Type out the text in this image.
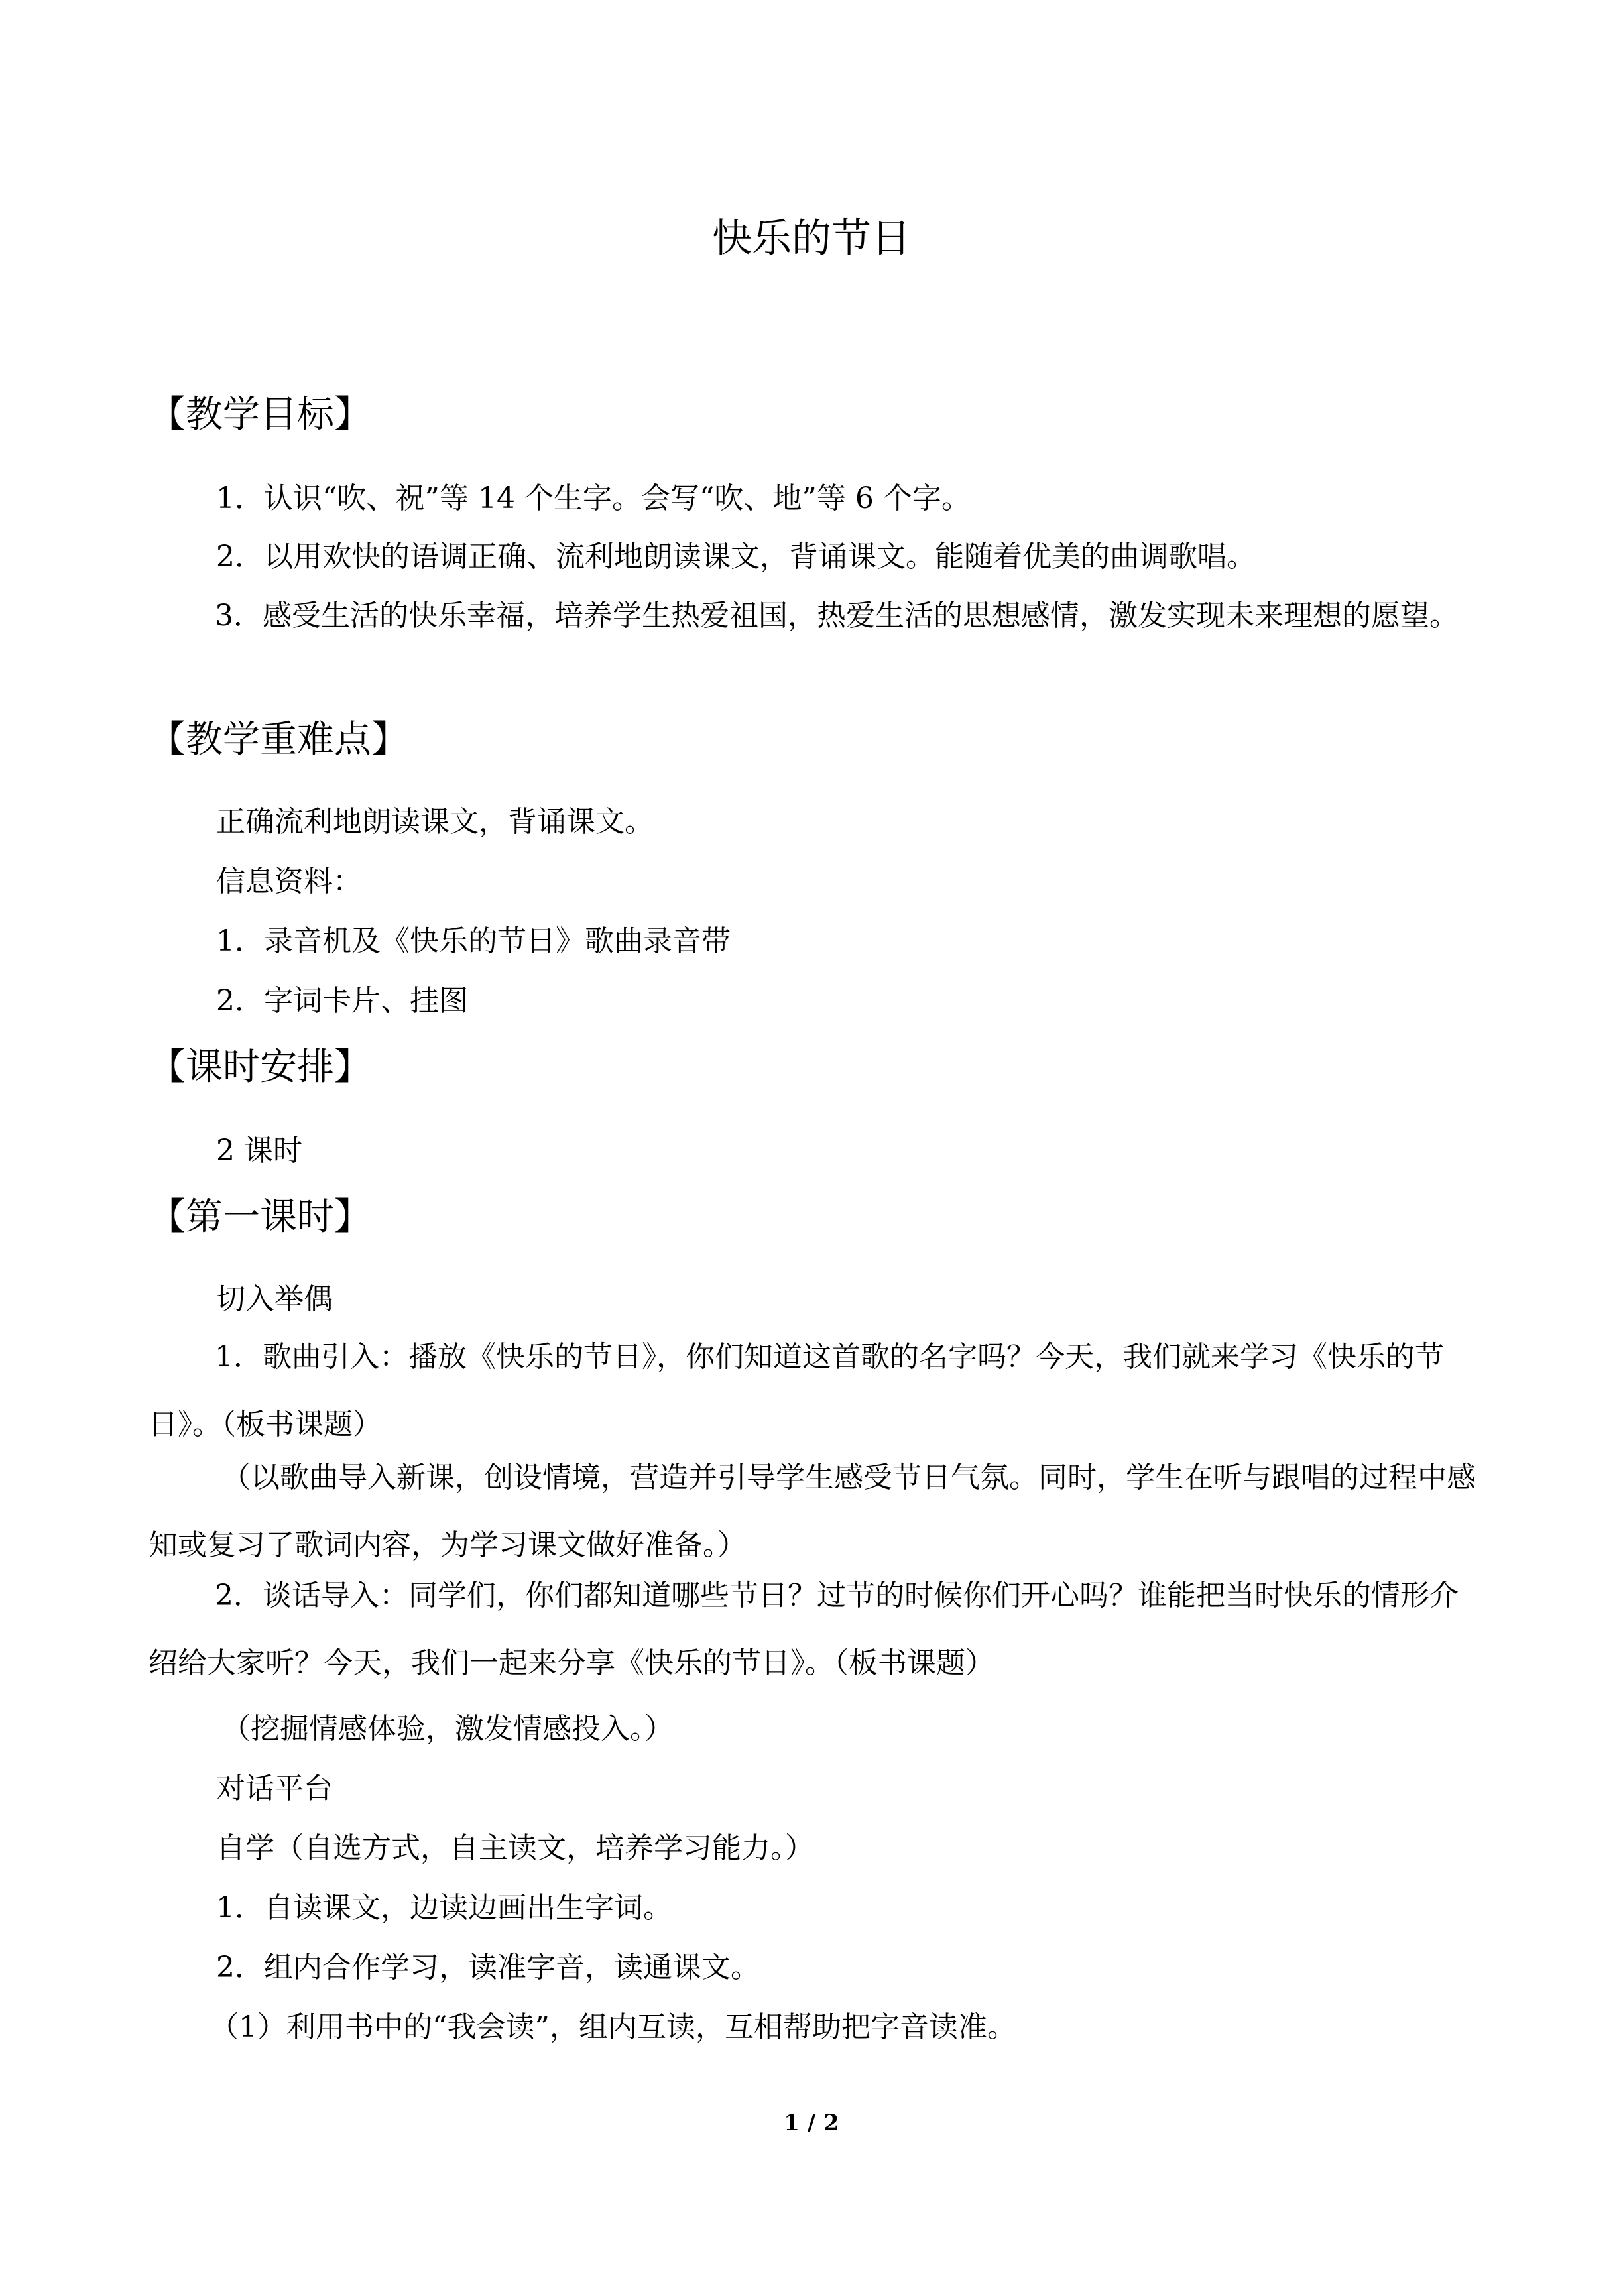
快乐的节日
【教学目标】
1．认识“吹、祝”等 14 个生字。会写“吹、地”等 6 个字。
2．以用欢快的语调正确、流利地朗读课文，背诵课文。能随着优美的曲调歌唱。
3．感受生活的快乐幸福，培养学生热爱祖国，热爱生活的思想感情，激发实现未来理想的愿望。
【教学重难点】
正确流利地朗读课文，背诵课文。
信息资料：
1．录音机及《快乐的节日》歌曲录音带
2．字词卡片、挂图
【课时安排】
2 课时
【第一课时】
切入举偶
1．歌曲引入：播放《快乐的节日》，你们知道这首歌的名字吗？今天，我们就来学习《快乐的节日》。（板书课题）
（以歌曲导入新课，创设情境，营造并引导学生感受节日气氛。同时，学生在听与跟唱的过程中感知或复习了歌词内容，为学习课文做好准备。）
2．谈话导入：同学们，你们都知道哪些节日？过节的时候你们开心吗？谁能把当时快乐的情形介绍给大家听？今天，我们一起来分享《快乐的节日》。（板书课题）
（挖掘情感体验，激发情感投入。）
对话平台
自学（自选方式，自主读文，培养学习能力。）
1．自读课文，边读边画出生字词。
2．组内合作学习，读准字音，读通课文。
（1）利用书中的“我会读”，组内互读，互相帮助把字音读准。
1 / 2
